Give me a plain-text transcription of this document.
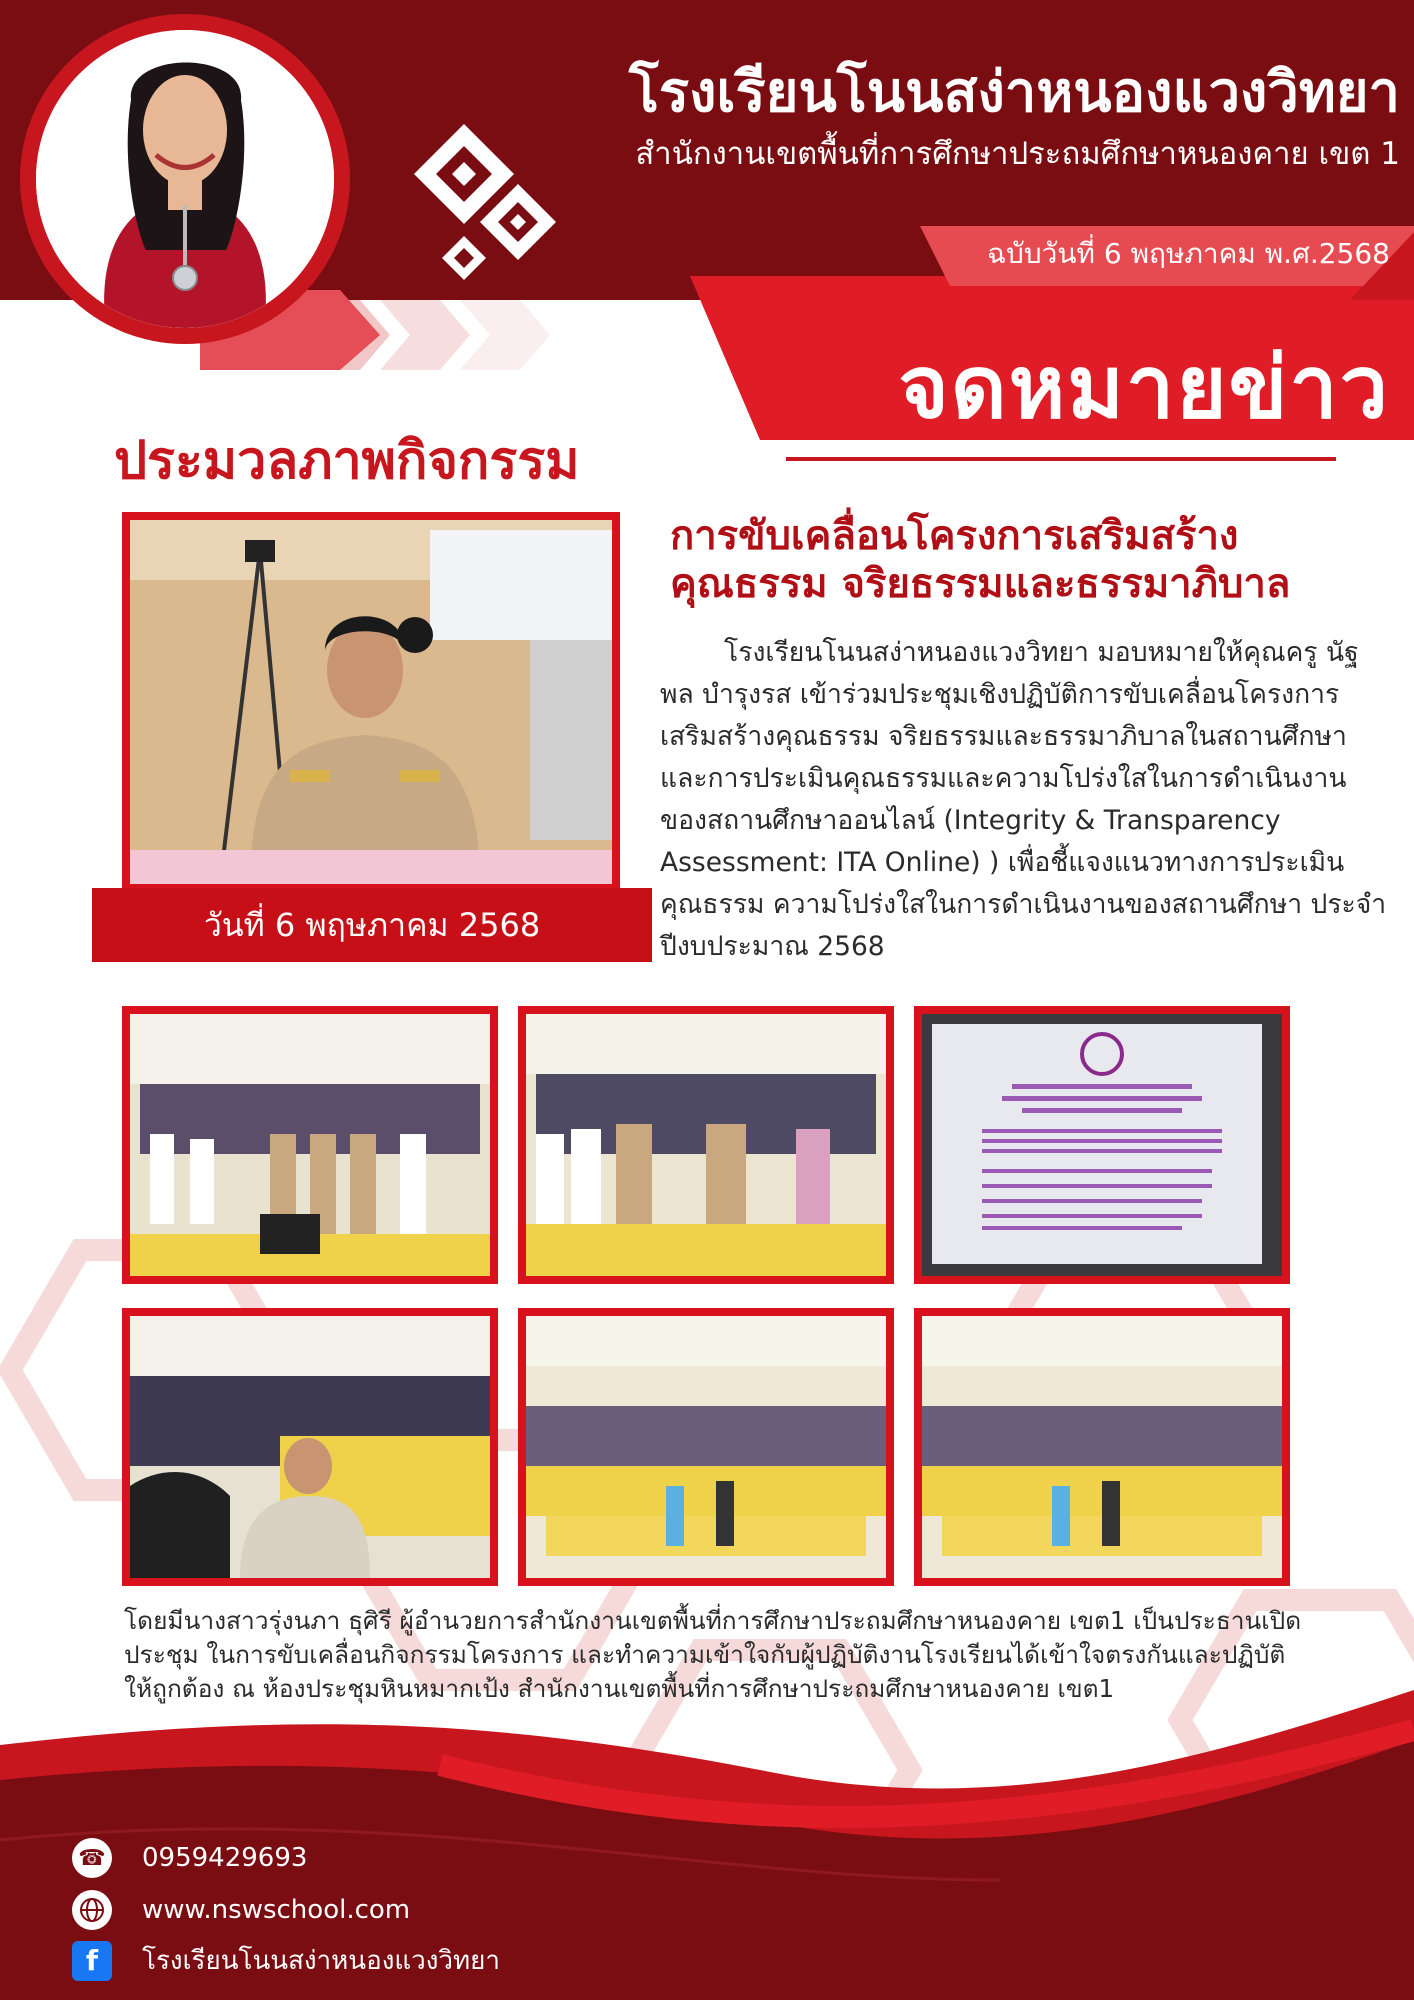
โรงเรียนโนนสง่าหนองแวงวิทยา
สำนักงานเขตพื้นที่การศึกษาประถมศึกษาหนองคาย เขต 1
ฉบับวันที่ 6 พฤษภาคม พ.ศ.2568
จดหมายข่าว
ประมวลภาพกิจกรรม
วันที่ 6 พฤษภาคม 2568
การขับเคลื่อนโครงการเสริมสร้าง
คุณธรรม จริยธรรมและธรรมาภิบาล
โรงเรียนโนนสง่าหนองแวงวิทยา มอบหมายให้คุณครู นัฐพล บำรุงรส เข้าร่วมประชุมเชิงปฏิบัติการขับเคลื่อนโครงการเสริมสร้างคุณธรรม จริยธรรมและธรรมาภิบาลในสถานศึกษา และการประเมินคุณธรรมและความโปร่งใสในการดำเนินงานของสถานศึกษาออนไลน์ (Integrity & Transparency Assessment: ITA Online) ) เพื่อชี้แจงแนวทางการประเมินคุณธรรม ความโปร่งใสในการดำเนินงานของสถานศึกษา ประจำปีงบประมาณ 2568
โดยมีนางสาวรุ่งนภา ธุศิรี ผู้อำนวยการสำนักงานเขตพื้นที่การศึกษาประถมศึกษาหนองคาย เขต1 เป็นประธานเปิดประชุม ในการขับเคลื่อนกิจกรรมโครงการ และทำความเข้าใจกับผู้ปฏิบัติงานโรงเรียนได้เข้าใจตรงกันและปฏิบัติให้ถูกต้อง ณ ห้องประชุมหินหมากเป้ง สำนักงานเขตพื้นที่การศึกษาประถมศึกษาหนองคาย เขต1
☎ 0959429693
www.nswschool.com
f	โรงเรียนโนนสง่าหนองแวงวิทยา
